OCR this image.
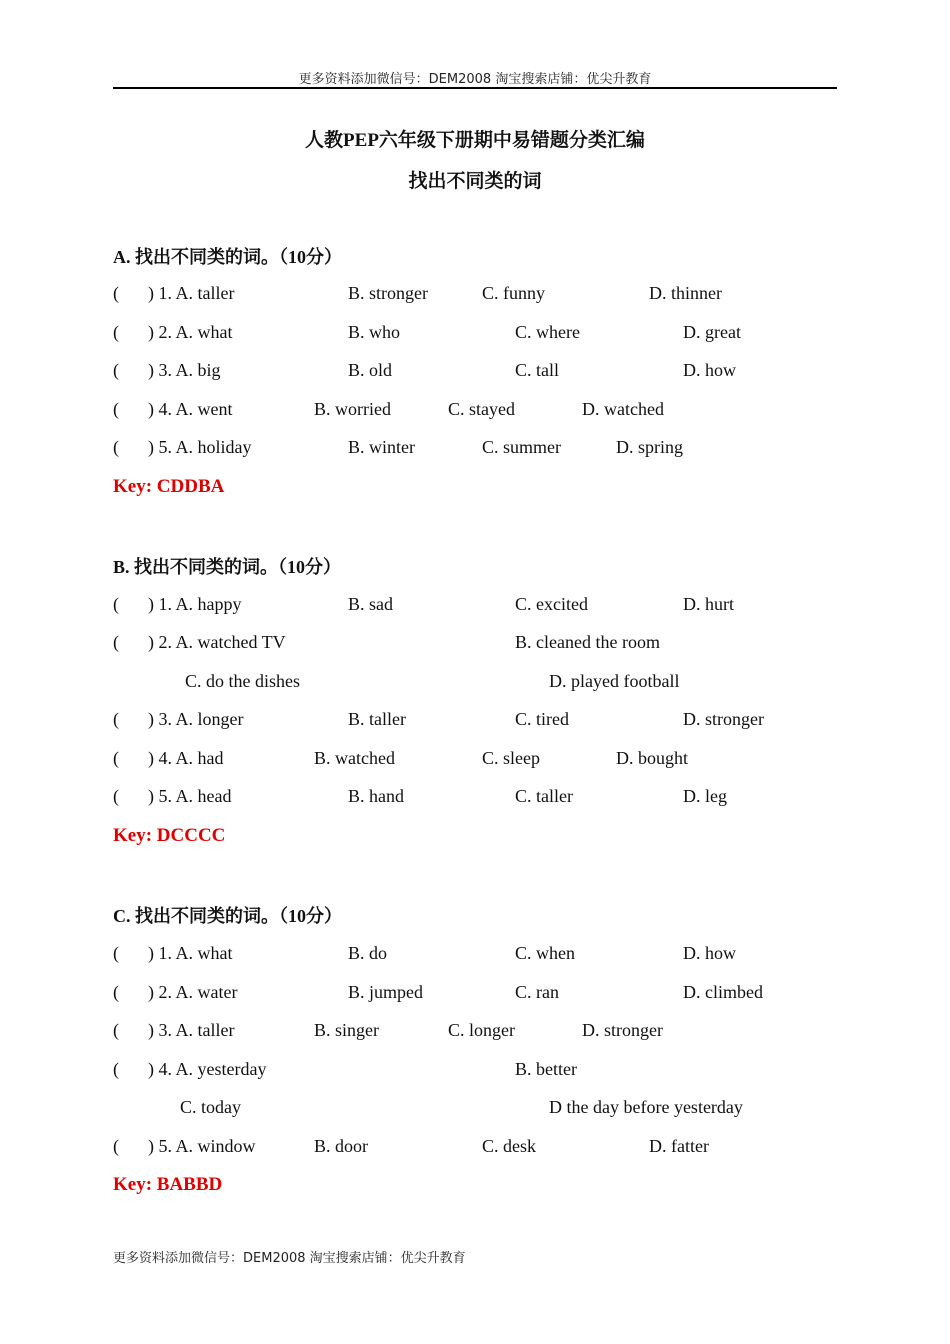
更多资料添加微信号：DEM2008 淘宝搜索店铺：优尖升教育
人教PEP六年级下册期中易错题分类汇编
找出不同类的词
A. 找出不同类的词。（10分）
( ) 1. A. taller	B. stronger	C. funny	D. thinner
( ) 2. A. what	B. who	C. where	D. great
( ) 3. A. big	B. old	C. tall	D. how
( ) 4. A. went	B. worried	C. stayed	D. watched
( ) 5. A. holiday	B. winter	C. summer	D. spring
Key: CDDBA
B. 找出不同类的词。（10分）
( ) 1. A. happy	B. sad	C. excited	D. hurt
( ) 2. A. watched TV	B. cleaned the room
C. do the dishes	D. played football
( ) 3. A. longer	B. taller	C. tired	D. stronger
( ) 4. A. had	B. watched	C. sleep	D. bought
( ) 5. A. head	B. hand	C. taller	D. leg
Key: DCCCC
C. 找出不同类的词。（10分）
( ) 1. A. what	B. do	C. when	D. how
( ) 2. A. water	B. jumped	C. ran	D. climbed
( ) 3. A. taller	B. singer	C. longer	D. stronger
( ) 4. A. yesterday	B. better
C. today	D the day before yesterday
( ) 5. A. window	B. door	C. desk	D. fatter
Key: BABBD
更多资料添加微信号：DEM2008 淘宝搜索店铺：优尖升教育
